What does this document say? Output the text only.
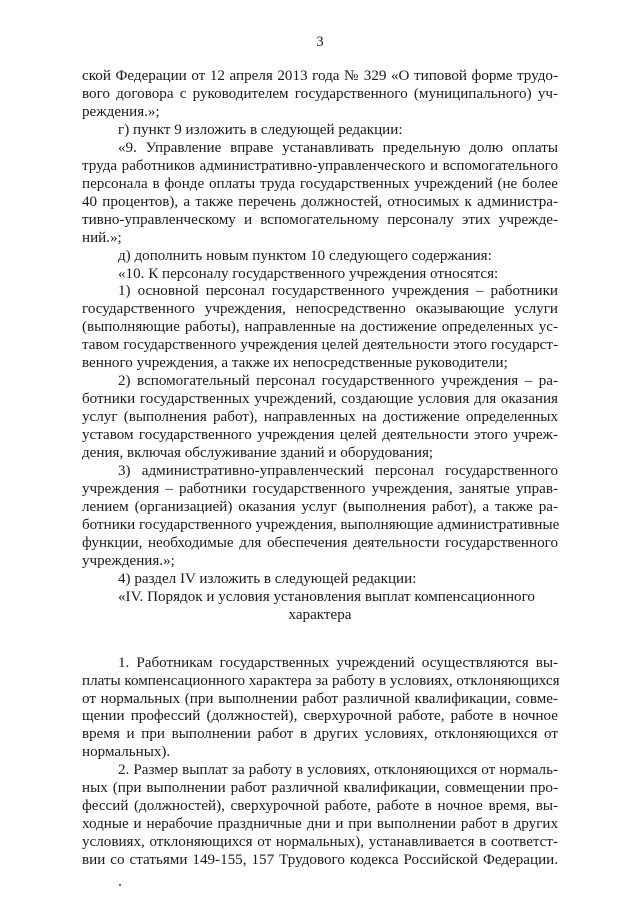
3
ской Федерации от 12 апреля 2013 года № 329 «О типовой форме трудо-
вого договора с руководителем государственного (муниципального) уч-
реждения.»;
г) пункт 9 изложить в следующей редакции:
«9. Управление вправе устанавливать предельную долю оплаты
труда работников административно-управленческого и вспомогательного
персонала в фонде оплаты труда государственных учреждений (не более
40 процентов), а также перечень должностей, относимых к администра-
тивно-управленческому и вспомогательному персоналу этих учрежде-
ний.»;
д) дополнить новым пунктом 10 следующего содержания:
«10. К персоналу государственного учреждения относятся:
1) основной персонал государственного учреждения – работники
государственного учреждения, непосредственно оказывающие услуги
(выполняющие работы), направленные на достижение определенных ус-
тавом государственного учреждения целей деятельности этого государст-
венного учреждения, а также их непосредственные руководители;
2) вспомогательный персонал государственного учреждения – ра-
ботники государственных учреждений, создающие условия для оказания
услуг (выполнения работ), направленных на достижение определенных
уставом государственного учреждения целей деятельности этого учреж-
дения, включая обслуживание зданий и оборудования;
3) административно-управленческий персонал государственного
учреждения – работники государственного учреждения, занятые управ-
лением (организацией) оказания услуг (выполнения работ), а также ра-
ботники государственного учреждения, выполняющие административные
функции, необходимые для обеспечения деятельности государственного
учреждения.»;
4) раздел IV изложить в следующей редакции:
«IV. Порядок и условия установления выплат компенсационного
характера
1. Работникам государственных учреждений осуществляются вы-
платы компенсационного характера за работу в условиях, отклоняющихся
от нормальных (при выполнении работ различной квалификации, совме-
щении профессий (должностей), сверхурочной работе, работе в ночное
время и при выполнении работ в других условиях, отклоняющихся от
нормальных).
2. Размер выплат за работу в условиях, отклоняющихся от нормаль-
ных (при выполнении работ различной квалификации, совмещении про-
фессий (должностей), сверхурочной работе, работе в ночное время, вы-
ходные и нерабочие праздничные дни и при выполнении работ в других
условиях, отклоняющихся от нормальных), устанавливается в соответст-
вии со статьями 149-155, 157 Трудового кодекса Российской Федерации.
